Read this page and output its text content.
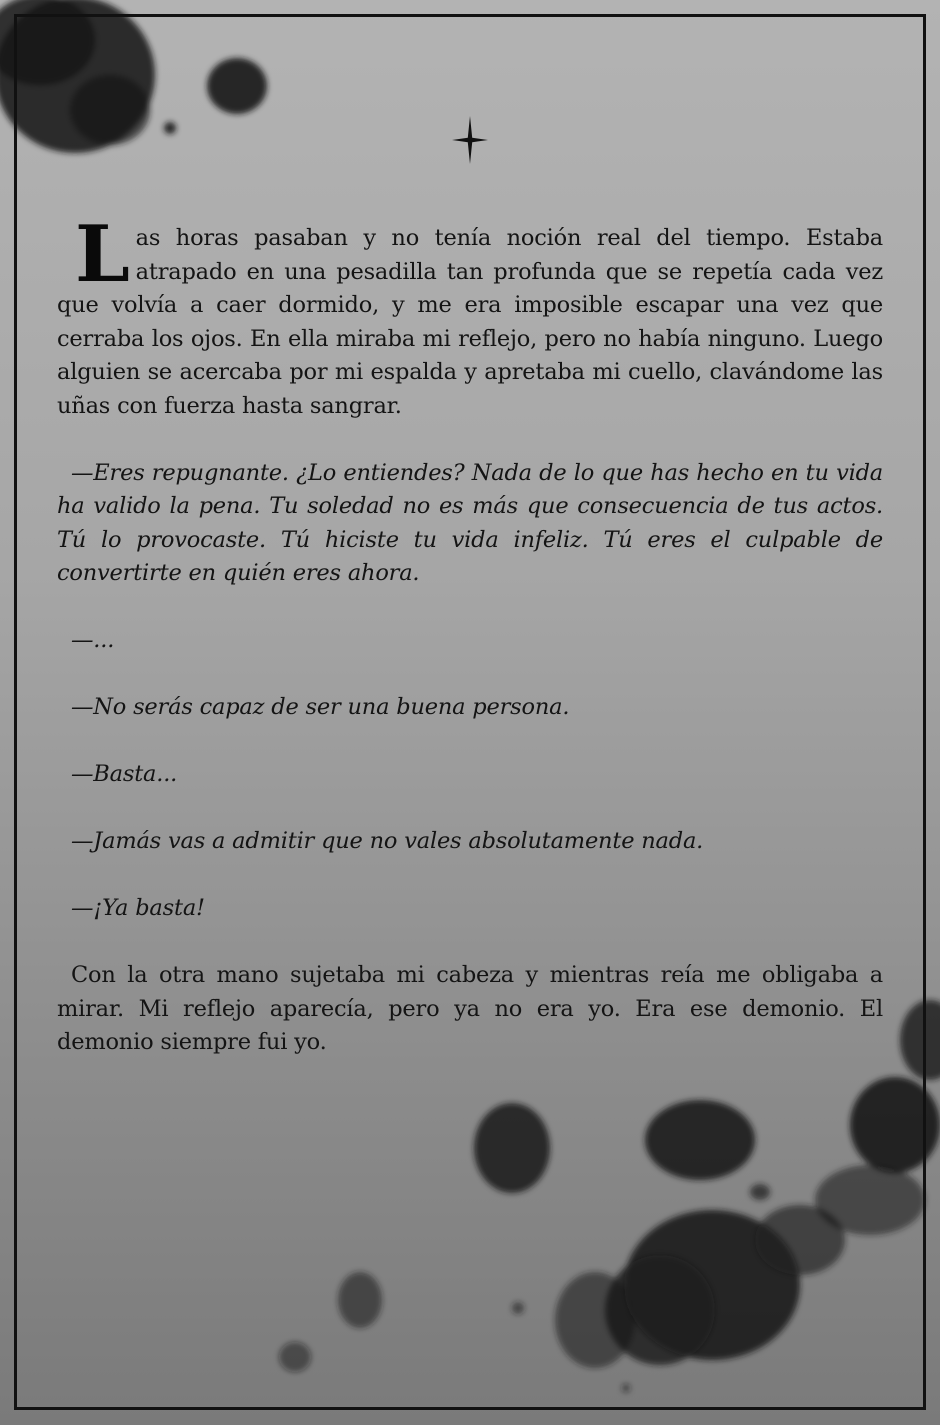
Las horas pasaban y no tenía noción real del tiempo. Estaba atrapado en una pesadilla tan profunda que se repetía cada vez que volvía a caer dormido, y me era imposible escapar una vez que cerraba los ojos. En ella miraba mi reflejo, pero no había ninguno. Luego alguien se acercaba por mi espalda y apretaba mi cuello, clavándome las uñas con fuerza hasta sangrar.

—Eres repugnante. ¿Lo entiendes? Nada de lo que has hecho en tu vida ha valido la pena. Tu soledad no es más que consecuencia de tus actos. Tú lo provocaste. Tú hiciste tu vida infeliz. Tú eres el culpable de convertirte en quién eres ahora.

—...

—No serás capaz de ser una buena persona.

—Basta...

—Jamás vas a admitir que no vales absolutamente nada.

—¡Ya basta!

Con la otra mano sujetaba mi cabeza y mientras reía me obligaba a mirar. Mi reflejo aparecía, pero ya no era yo. Era ese demonio. El demonio siempre fui yo.
